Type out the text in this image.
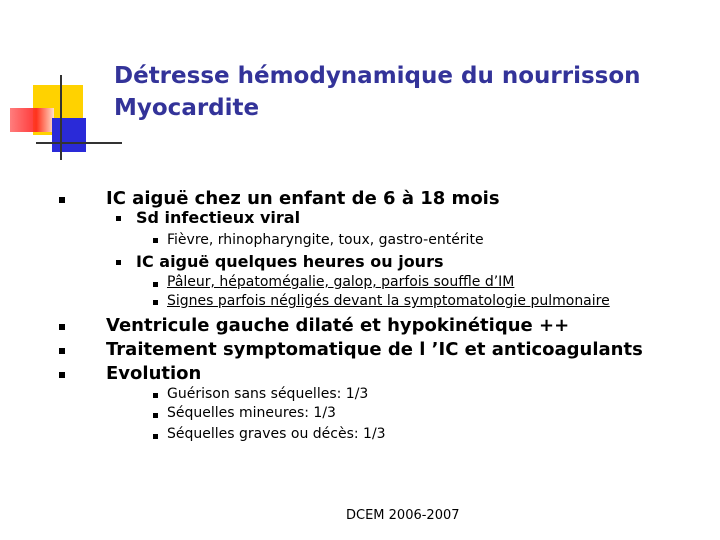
Détresse hémodynamique du nourrisson
Myocardite
IC aiguë chez un enfant de 6 à 18 mois
Sd infectieux viral
Fièvre, rhinopharyngite, toux, gastro-entérite
IC aiguë quelques heures ou jours
Pâleur, hépatomégalie, galop, parfois souffle d’IM
Signes parfois négligés devant la symptomatologie pulmonaire
Ventricule gauche dilaté et hypokinétique ++
Traitement symptomatique de l ’IC et anticoagulants
Evolution
Guérison sans séquelles: 1/3
Séquelles mineures: 1/3
Séquelles graves ou décès: 1/3
DCEM 2006-2007
